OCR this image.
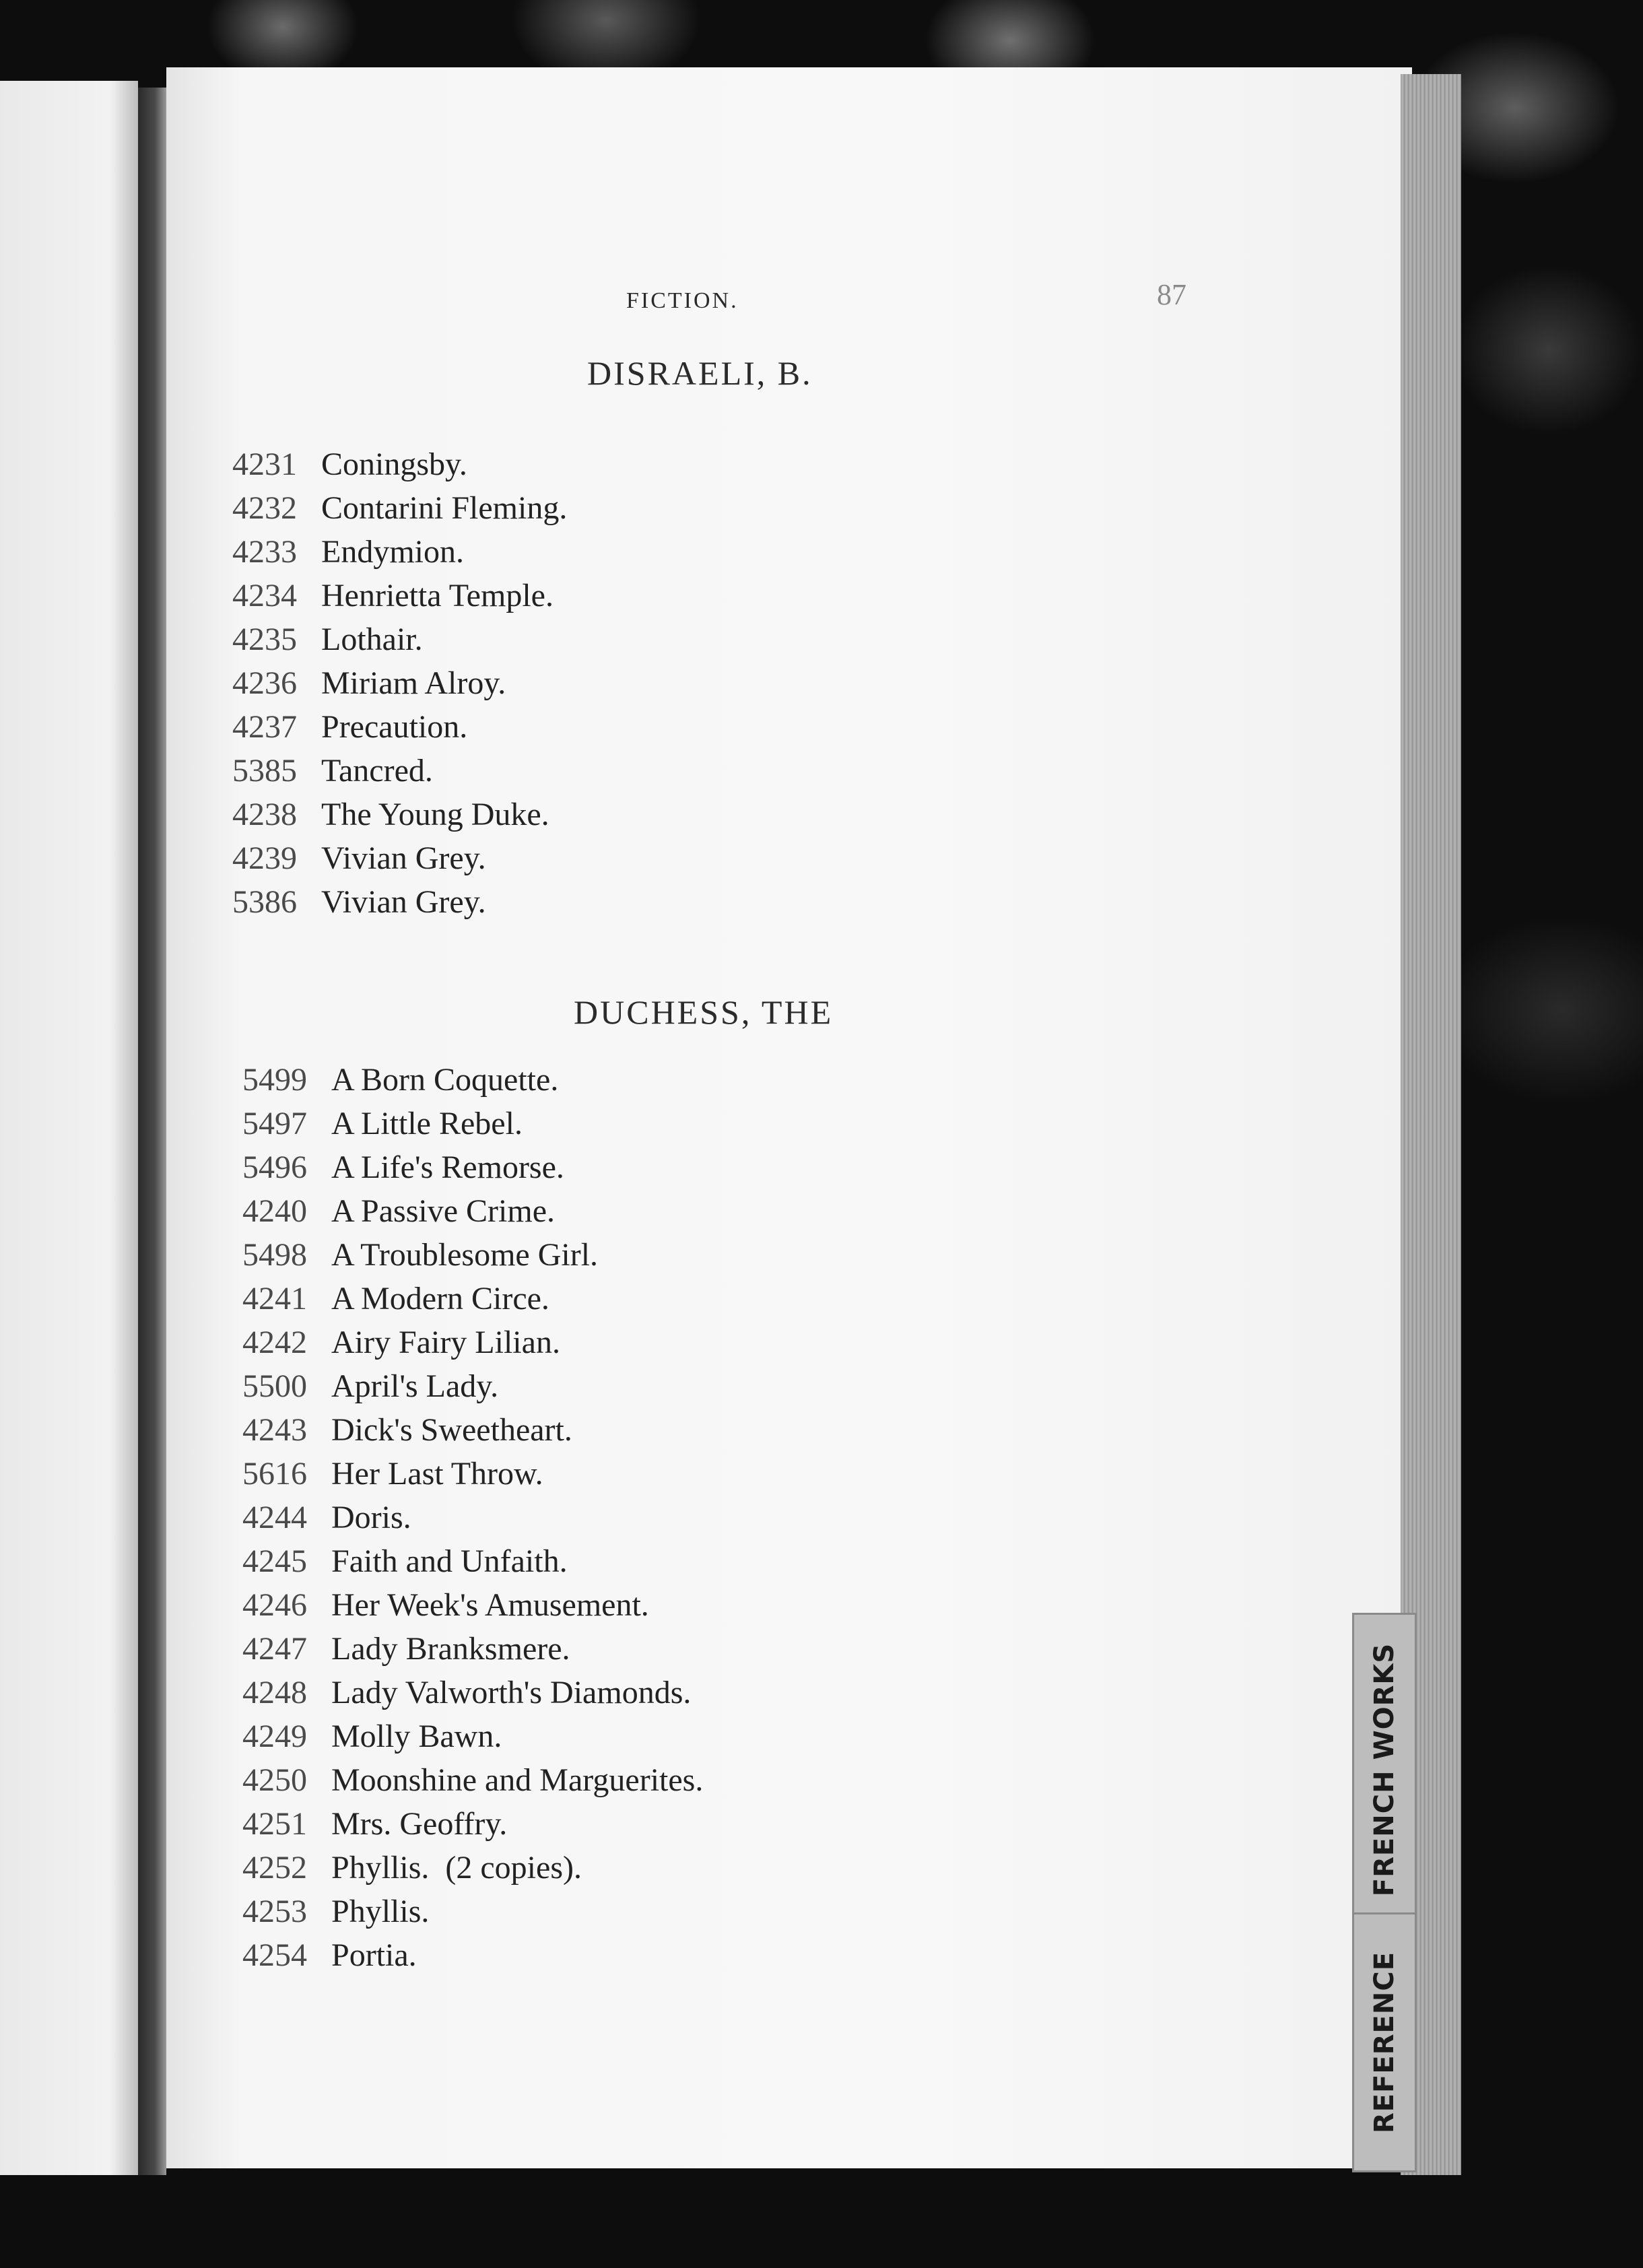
FRENCH WORKS
REFERENCE
FICTION.	87
DISRAELI, B.
4231 Coningsby.
4232 Contarini Fleming.
4233 Endymion.
4234 Henrietta Temple.
4235 Lothair.
4236 Miriam Alroy.
4237 Precaution.
5385 Tancred.
4238 The Young Duke.
4239 Vivian Grey.
5386 Vivian Grey.
DUCHESS, THE
5499 A Born Coquette.
5497 A Little Rebel.
5496 A Life's Remorse.
4240 A Passive Crime.
5498 A Troublesome Girl.
4241 A Modern Circe.
4242 Airy Fairy Lilian.
5500 April's Lady.
4243 Dick's Sweetheart.
5616 Her Last Throw.
4244 Doris.
4245 Faith and Unfaith.
4246 Her Week's Amusement.
4247 Lady Branksmere.
4248 Lady Valworth's Diamonds.
4249 Molly Bawn.
4250 Moonshine and Marguerites.
4251 Mrs. Geoffry.
4252 Phyllis.  (2 copies).
4253 Phyllis.
4254 Portia.
